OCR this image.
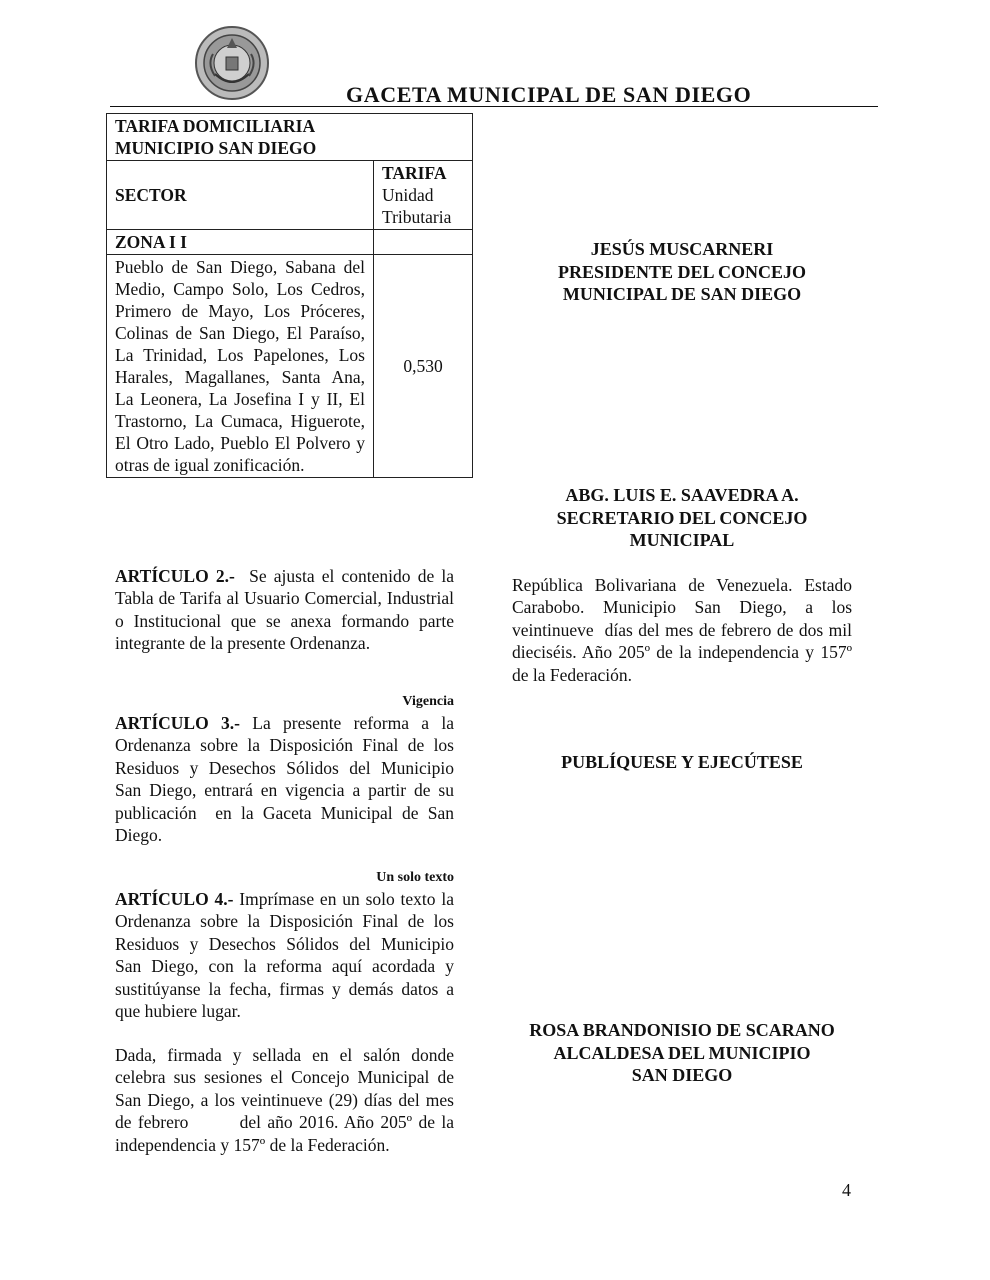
GACETA MUNICIPAL DE SAN DIEGO
TARIFA DOMICILIARIA
MUNICIPIO SAN DIEGO	

SECTOR	TARIFA
Unidad
Tributaria

ZONA I I	
Pueblo de San Diego, Sabana del Medio, Campo Solo, Los Cedros, Primero de Mayo, Los Próceres, Colinas de San Diego, El Paraíso, La Trinidad, Los Papelones, Los Harales, Magallanes, Santa Ana, La Leonera, La Josefina I y II, El Trastorno, La Cumaca, Higuerote, El Otro Lado, Pueblo El Polvero y otras de igual zonificación.	0,530
ARTÍCULO 2.-  Se ajusta el contenido de la Tabla de Tarifa al Usuario Comercial, Industrial o Institucional que se anexa formando parte integrante de la presente Ordenanza.
Vigencia
ARTÍCULO 3.- La presente reforma a la Ordenanza sobre la Disposición Final de los Residuos y Desechos Sólidos del Municipio San Diego, entrará en vigencia a partir de su publicación  en la Gaceta Municipal de San Diego.
Un solo texto
ARTÍCULO 4.- Imprímase en un solo texto la Ordenanza sobre la Disposición Final de los Residuos y Desechos Sólidos del Municipio San Diego, con la reforma aquí acordada y sustitúyanse la fecha, firmas y demás datos a que hubiere lugar.
Dada, firmada y sellada en el salón donde celebra sus sesiones el Concejo Municipal de San Diego, a los veintinueve (29) días del mes de febrero        del año 2016. Año 205º de la independencia y 157º de la Federación.
JESÚS MUSCARNERI
PRESIDENTE DEL CONCEJO
MUNICIPAL DE SAN DIEGO
ABG. LUIS E. SAAVEDRA A.
SECRETARIO DEL CONCEJO
MUNICIPAL
República Bolivariana de Venezuela. Estado Carabobo. Municipio San Diego, a los veintinueve  días del mes de febrero de dos mil dieciséis. Año 205º de la independencia y 157º de la Federación.
PUBLÍQUESE Y EJECÚTESE
ROSA BRANDONISIO DE SCARANO
ALCALDESA DEL MUNICIPIO
SAN DIEGO
4
